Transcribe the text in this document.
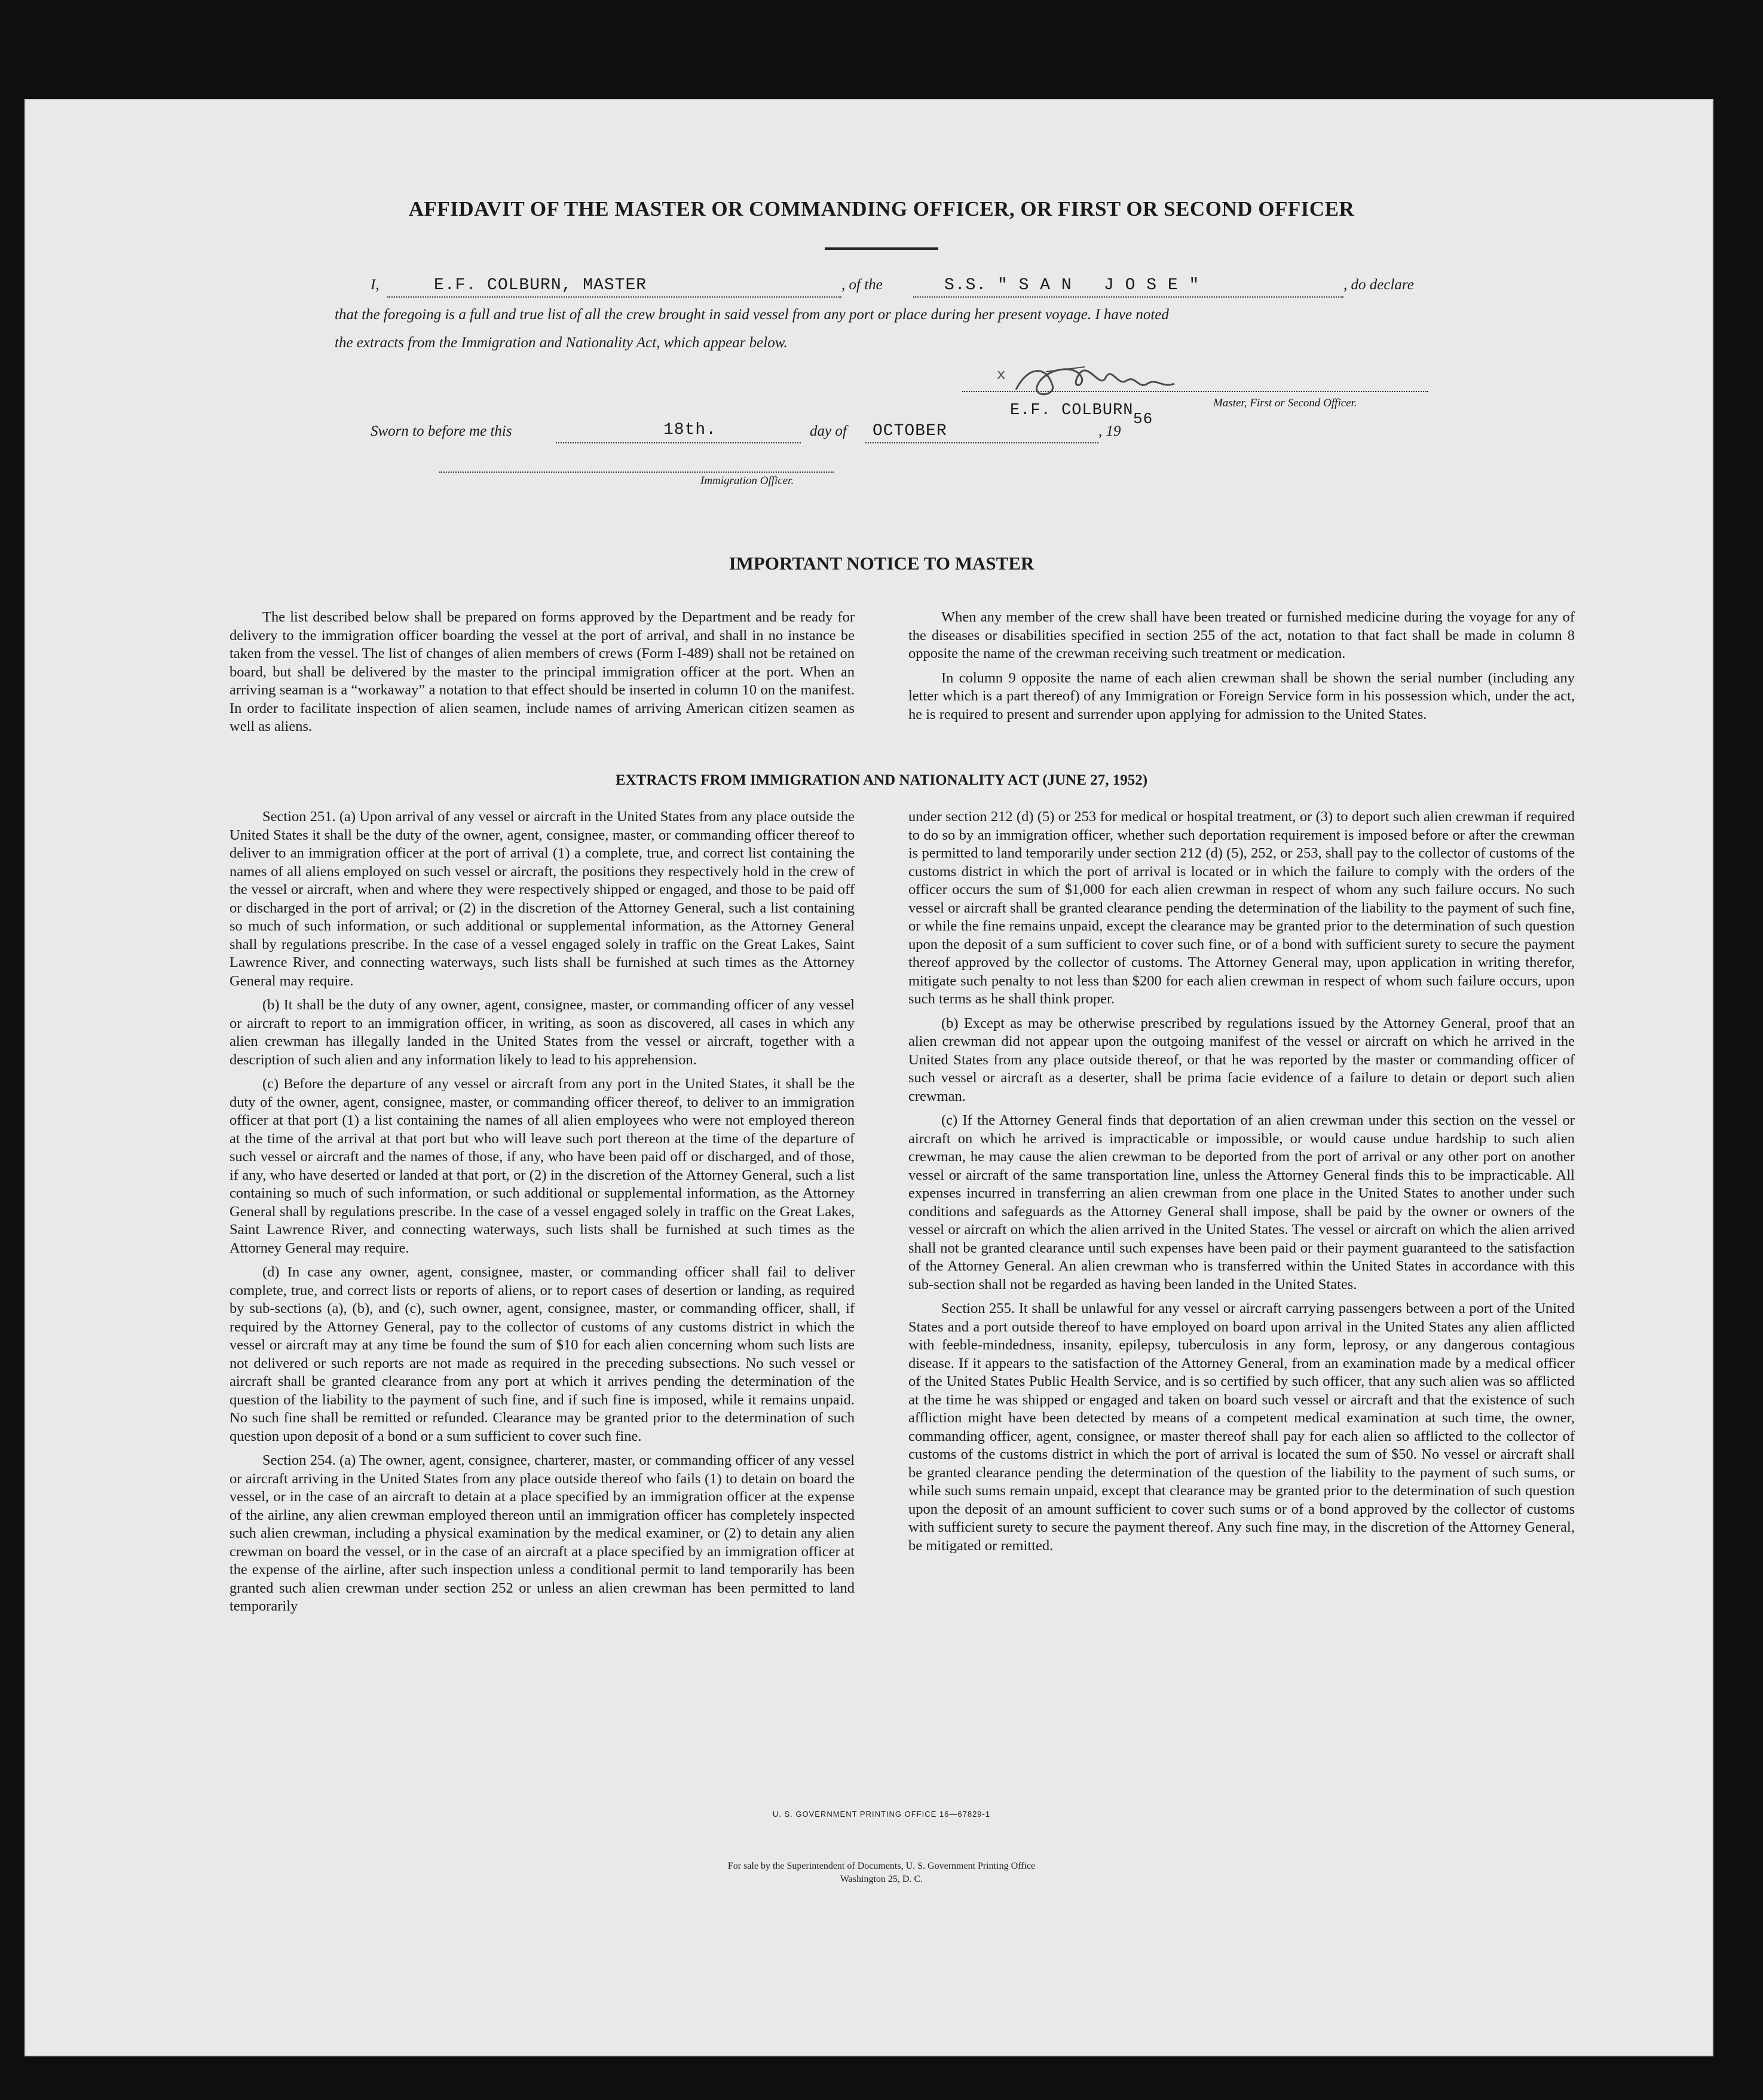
AFFIDAVIT OF THE MASTER OR COMMANDING OFFICER, OR FIRST OR SECOND OFFICER
I,	E.F. COLBURN, MASTER	, of the	S.S. " S A N   J O S E "	, do declare
that the foregoing is a full and true list of all the crew brought in said vessel from any port or place during her present voyage. I have noted
the extracts from the Immigration and Nationality Act, which appear below.
x
Master, First or Second Officer.
E.F. COLBURN
Sworn to before me this	18th.	day of OCTOBER	, 19
56
Immigration Officer.
IMPORTANT NOTICE TO MASTER

The list described below shall be prepared on forms approved by the Department and be ready for delivery to the immigration officer boarding the vessel at the port of arrival, and shall in no instance be taken from the vessel. The list of changes of alien members of crews (Form I-489) shall not be retained on board, but shall be delivered by the master to the principal immigration officer at the port. When an arriving seaman is a “workaway” a notation to that effect should be inserted in column 10 on the manifest. In order to facilitate inspection of alien seamen, include names of arriving American citizen seamen as well as aliens.

When any member of the crew shall have been treated or furnished medicine during the voyage for any of the diseases or disabilities specified in section 255 of the act, notation to that fact shall be made in column 8 opposite the name of the crewman receiving such treatment or medication.

In column 9 opposite the name of each alien crewman shall be shown the serial number (including any letter which is a part thereof) of any Immigration or Foreign Service form in his possession which, under the act, he is required to present and surrender upon applying for admission to the United States.

EXTRACTS FROM IMMIGRATION AND NATIONALITY ACT (JUNE 27, 1952)

Section 251. (a) Upon arrival of any vessel or aircraft in the United States from any place outside the United States it shall be the duty of the owner, agent, consignee, master, or commanding officer thereof to deliver to an immigration officer at the port of arrival (1) a complete, true, and correct list containing the names of all aliens employed on such vessel or aircraft, the positions they respectively hold in the crew of the vessel or aircraft, when and where they were respectively shipped or engaged, and those to be paid off or discharged in the port of arrival; or (2) in the discretion of the Attorney General, such a list containing so much of such information, or such additional or supplemental information, as the Attorney General shall by regulations prescribe. In the case of a vessel engaged solely in traffic on the Great Lakes, Saint Lawrence River, and connecting waterways, such lists shall be furnished at such times as the Attorney General may require.

(b) It shall be the duty of any owner, agent, consignee, master, or commanding officer of any vessel or aircraft to report to an immigration officer, in writing, as soon as discovered, all cases in which any alien crewman has illegally landed in the United States from the vessel or aircraft, together with a description of such alien and any information likely to lead to his apprehension.

(c) Before the departure of any vessel or aircraft from any port in the United States, it shall be the duty of the owner, agent, consignee, master, or commanding officer thereof, to deliver to an immigration officer at that port (1) a list containing the names of all alien employees who were not employed thereon at the time of the arrival at that port but who will leave such port thereon at the time of the departure of such vessel or aircraft and the names of those, if any, who have been paid off or discharged, and of those, if any, who have deserted or landed at that port, or (2) in the discretion of the Attorney General, such a list containing so much of such information, or such additional or supplemental information, as the Attorney General shall by regulations prescribe. In the case of a vessel engaged solely in traffic on the Great Lakes, Saint Lawrence River, and connecting waterways, such lists shall be furnished at such times as the Attorney General may require.

(d) In case any owner, agent, consignee, master, or commanding officer shall fail to deliver complete, true, and correct lists or reports of aliens, or to report cases of desertion or landing, as required by sub-sections (a), (b), and (c), such owner, agent, consignee, master, or commanding officer, shall, if required by the Attorney General, pay to the collector of customs of any customs district in which the vessel or aircraft may at any time be found the sum of $10 for each alien concerning whom such lists are not delivered or such reports are not made as required in the preceding subsections. No such vessel or aircraft shall be granted clearance from any port at which it arrives pending the determination of the question of the liability to the payment of such fine, and if such fine is imposed, while it remains unpaid. No such fine shall be remitted or refunded. Clearance may be granted prior to the determination of such question upon deposit of a bond or a sum sufficient to cover such fine.

Section 254. (a) The owner, agent, consignee, charterer, master, or commanding officer of any vessel or aircraft arriving in the United States from any place outside thereof who fails (1) to detain on board the vessel, or in the case of an aircraft to detain at a place specified by an immigration officer at the expense of the airline, any alien crewman employed thereon until an immigration officer has completely inspected such alien crewman, including a physical examination by the medical examiner, or (2) to detain any alien crewman on board the vessel, or in the case of an aircraft at a place specified by an immigration officer at the expense of the airline, after such inspection unless a conditional permit to land temporarily has been granted such alien crewman under section 252 or unless an alien crewman has been permitted to land temporarily

under section 212 (d) (5) or 253 for medical or hospital treatment, or (3) to deport such alien crewman if required to do so by an immigration officer, whether such deportation requirement is imposed before or after the crewman is permitted to land temporarily under section 212 (d) (5), 252, or 253, shall pay to the collector of customs of the customs district in which the port of arrival is located or in which the failure to comply with the orders of the officer occurs the sum of $1,000 for each alien crewman in respect of whom any such failure occurs. No such vessel or aircraft shall be granted clearance pending the determination of the liability to the payment of such fine, or while the fine remains unpaid, except the clearance may be granted prior to the determination of such question upon the deposit of a sum sufficient to cover such fine, or of a bond with sufficient surety to secure the payment thereof approved by the collector of customs. The Attorney General may, upon application in writing therefor, mitigate such penalty to not less than $200 for each alien crewman in respect of whom such failure occurs, upon such terms as he shall think proper.

(b) Except as may be otherwise prescribed by regulations issued by the Attorney General, proof that an alien crewman did not appear upon the outgoing manifest of the vessel or aircraft on which he arrived in the United States from any place outside thereof, or that he was reported by the master or commanding officer of such vessel or aircraft as a deserter, shall be prima facie evidence of a failure to detain or deport such alien crewman.

(c) If the Attorney General finds that deportation of an alien crewman under this section on the vessel or aircraft on which he arrived is impracticable or impossible, or would cause undue hardship to such alien crewman, he may cause the alien crewman to be deported from the port of arrival or any other port on another vessel or aircraft of the same transportation line, unless the Attorney General finds this to be impracticable. All expenses incurred in transferring an alien crewman from one place in the United States to another under such conditions and safeguards as the Attorney General shall impose, shall be paid by the owner or owners of the vessel or aircraft on which the alien arrived in the United States. The vessel or aircraft on which the alien arrived shall not be granted clearance until such expenses have been paid or their payment guaranteed to the satisfaction of the Attorney General. An alien crewman who is transferred within the United States in accordance with this sub-section shall not be regarded as having been landed in the United States.

Section 255. It shall be unlawful for any vessel or aircraft carrying passengers between a port of the United States and a port outside thereof to have employed on board upon arrival in the United States any alien afflicted with feeble-mindedness, insanity, epilepsy, tuberculosis in any form, leprosy, or any dangerous contagious disease. If it appears to the satisfaction of the Attorney General, from an examination made by a medical officer of the United States Public Health Service, and is so certified by such officer, that any such alien was so afflicted at the time he was shipped or engaged and taken on board such vessel or aircraft and that the existence of such affliction might have been detected by means of a competent medical examination at such time, the owner, commanding officer, agent, consignee, or master thereof shall pay for each alien so afflicted to the collector of customs of the customs district in which the port of arrival is located the sum of $50. No vessel or aircraft shall be granted clearance pending the determination of the question of the liability to the payment of such sums, or while such sums remain unpaid, except that clearance may be granted prior to the determination of such question upon the deposit of an amount sufficient to cover such sums or of a bond approved by the collector of customs with sufficient surety to secure the payment thereof. Any such fine may, in the discretion of the Attorney General, be mitigated or remitted.

U. S. GOVERNMENT PRINTING OFFICE 16—67829-1
For sale by the Superintendent of Documents, U. S. Government Printing Office
Washington 25, D. C.
